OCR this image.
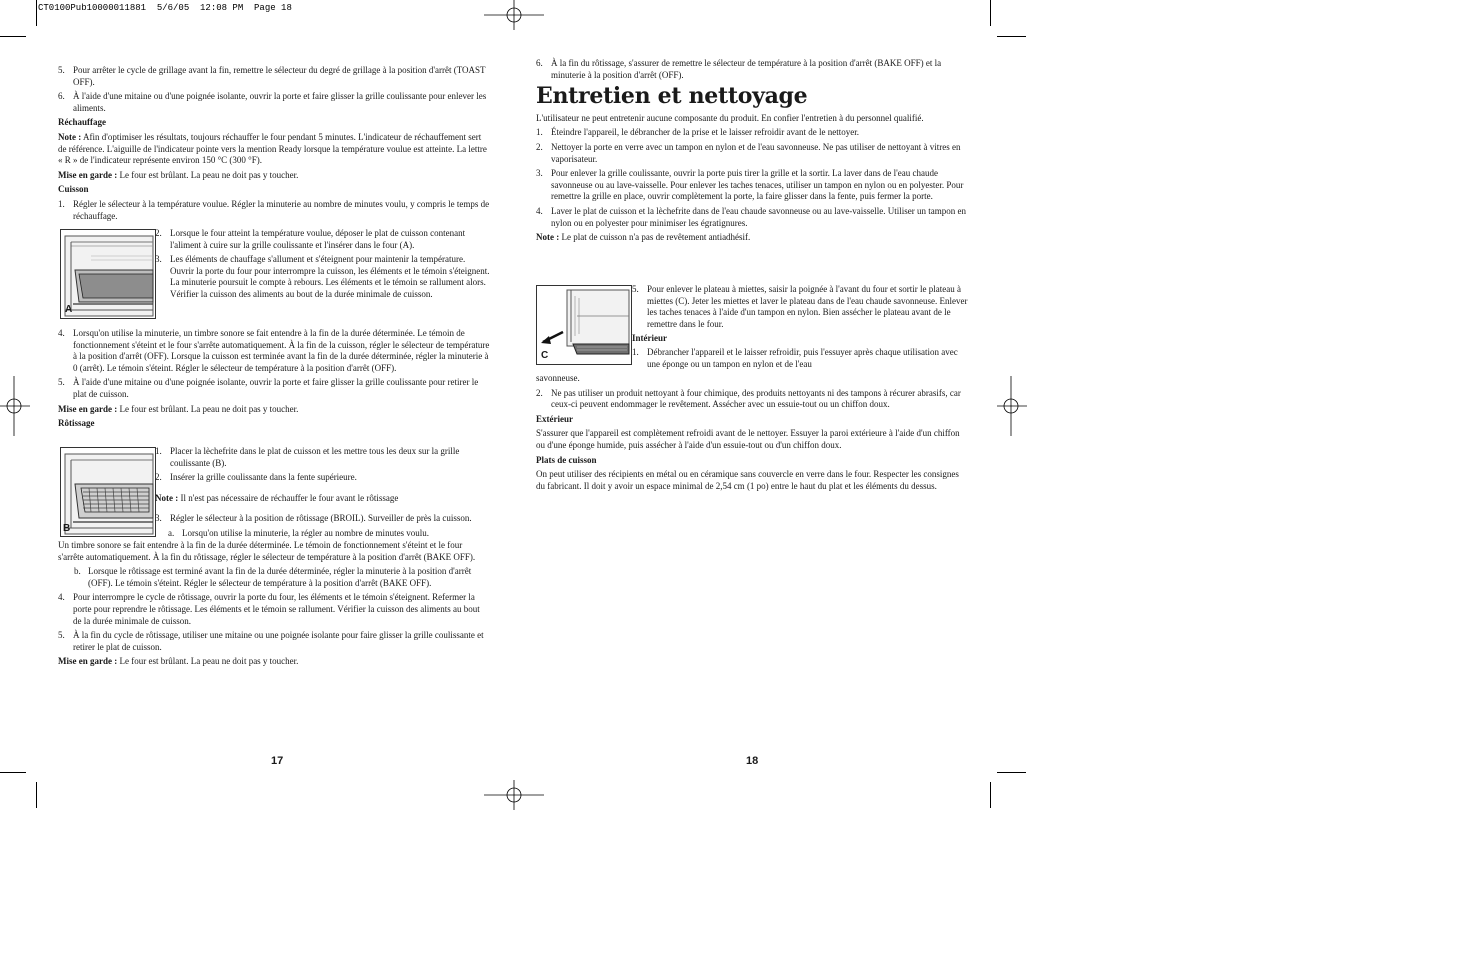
CT0100Pub10000011881  5/6/05  12:08 PM  Page 18
5. Pour arrêter le cycle de grillage avant la fin, remettre le sélecteur du degré de grillage à la position d'arrêt (TOAST OFF).
6. À l'aide d'une mitaine ou d'une poignée isolante, ouvrir la porte et faire glisser la grille coulissante pour enlever les aliments.
Réchauffage

Note : Afin d'optimiser les résultats, toujours réchauffer le four pendant 5 minutes. L'indicateur de réchauffement sert de référence. L'aiguille de l'indicateur pointe vers la mention Ready lorsque la température voulue est atteinte. La lettre « R » de l'indicateur représente environ 150 °C (300 °F).

Mise en garde : Le four est brûlant. La peau ne doit pas y toucher.

Cuisson
1. Régler le sélecteur à la température voulue. Régler la minuterie au nombre de minutes voulu, y compris le temps de réchauffage.
A
2. Lorsque le four atteint la température voulue, déposer le plat de cuisson contenant l'aliment à cuire sur la grille coulissante et l'insérer dans le four (A).
3. Les éléments de chauffage s'allument et s'éteignent pour maintenir la température. Ouvrir la porte du four pour interrompre la cuisson, les éléments et le témoin s'éteignent. La minuterie poursuit le compte à rebours. Les éléments et le témoin se rallument alors. Vérifier la cuisson des aliments au bout de la durée minimale de cuisson.
4. Lorsqu'on utilise la minuterie, un timbre sonore se fait entendre à la fin de la durée déterminée. Le témoin de fonctionnement s'éteint et le four s'arrête automatiquement. À la fin de la cuisson, régler le sélecteur de température à la position d'arrêt (OFF). Lorsque la cuisson est terminée avant la fin de la durée déterminée, régler la minuterie à 0 (arrêt). Le témoin s'éteint. Régler le sélecteur de température à la position d'arrêt (OFF).
5. À l'aide d'une mitaine ou d'une poignée isolante, ouvrir la porte et faire glisser la grille coulissante pour retirer le plat de cuisson.

Mise en garde : Le four est brûlant. La peau ne doit pas y toucher.

Rôtissage
B
1. Placer la lèchefrite dans le plat de cuisson et les mettre tous les deux sur la grille coulissante (B).
2. Insérer la grille coulissante dans la fente supérieure.

Note : Il n'est pas nécessaire de réchauffer le four avant le rôtissage

3. Régler le sélecteur à la position de rôtissage (BROIL). Surveiller de près la cuisson.
a. Lorsqu'on utilise la minuterie, la régler au nombre de minutes voulu.

Un timbre sonore se fait entendre à la fin de la durée déterminée. Le témoin de fonctionnement s'éteint et le four s'arrête automatiquement. À la fin du rôtissage, régler le sélecteur de température à la position d'arrêt (BAKE OFF).

b. Lorsque le rôtissage est terminé avant la fin de la durée déterminée, régler la minuterie à la position d'arrêt (OFF). Le témoin s'éteint. Régler le sélecteur de température à la position d'arrêt (BAKE OFF).
4. Pour interrompre le cycle de rôtissage, ouvrir la porte du four, les éléments et le témoin s'éteignent. Refermer la porte pour reprendre le rôtissage. Les éléments et le témoin se rallument. Vérifier la cuisson des aliments au bout de la durée minimale de cuisson.
5. À la fin du cycle de rôtissage, utiliser une mitaine ou une poignée isolante pour faire glisser la grille coulissante et retirer le plat de cuisson.

Mise en garde : Le four est brûlant. La peau ne doit pas y toucher.

17
6. À la fin du rôtissage, s'assurer de remettre le sélecteur de température à la position d'arrêt (BAKE OFF) et la minuterie à la position d'arrêt (OFF).
Entretien et nettoyage

L'utilisateur ne peut entretenir aucune composante du produit. En confier l'entretien à du personnel qualifié.

1. Éteindre l'appareil, le débrancher de la prise et le laisser refroidir avant de le nettoyer.
2. Nettoyer la porte en verre avec un tampon en nylon et de l'eau savonneuse. Ne pas utiliser de nettoyant à vitres en vaporisateur.
3. Pour enlever la grille coulissante, ouvrir la porte puis tirer la grille et la sortir. La laver dans de l'eau chaude savonneuse ou au lave-vaisselle. Pour enlever les taches tenaces, utiliser un tampon en nylon ou en polyester. Pour remettre la grille en place, ouvrir complètement la porte, la faire glisser dans la fente, puis fermer la porte.
4. Laver le plat de cuisson et la lèchefrite dans de l'eau chaude savonneuse ou au lave-vaisselle. Utiliser un tampon en nylon ou en polyester pour minimiser les égratignures.

Note : Le plat de cuisson n'a pas de revêtement antiadhésif.

C
5. Pour enlever le plateau à miettes, saisir la poignée à l'avant du four et sortir le plateau à miettes (C). Jeter les miettes et laver le plateau dans de l'eau chaude savonneuse. Enlever les taches tenaces à l'aide d'un tampon en nylon. Bien assécher le plateau avant de le remettre dans le four.
Intérieur
1. Débrancher l'appareil et le laisser refroidir, puis l'essuyer après chaque utilisation avec une éponge ou un tampon en nylon et de l'eau

savonneuse.

2. Ne pas utiliser un produit nettoyant à four chimique, des produits nettoyants ni des tampons à récurer abrasifs, car ceux-ci peuvent endommager le revêtement. Assécher avec un essuie-tout ou un chiffon doux.
Extérieur

S'assurer que l'appareil est complètement refroidi avant de le nettoyer. Essuyer la paroi extérieure à l'aide d'un chiffon ou d'une éponge humide, puis assécher à l'aide d'un essuie-tout ou d'un chiffon doux.

Plats de cuisson

On peut utiliser des récipients en métal ou en céramique sans couvercle en verre dans le four. Respecter les consignes du fabricant. Il doit y avoir un espace minimal de 2,54 cm (1 po) entre le haut du plat et les éléments du dessus.

18
